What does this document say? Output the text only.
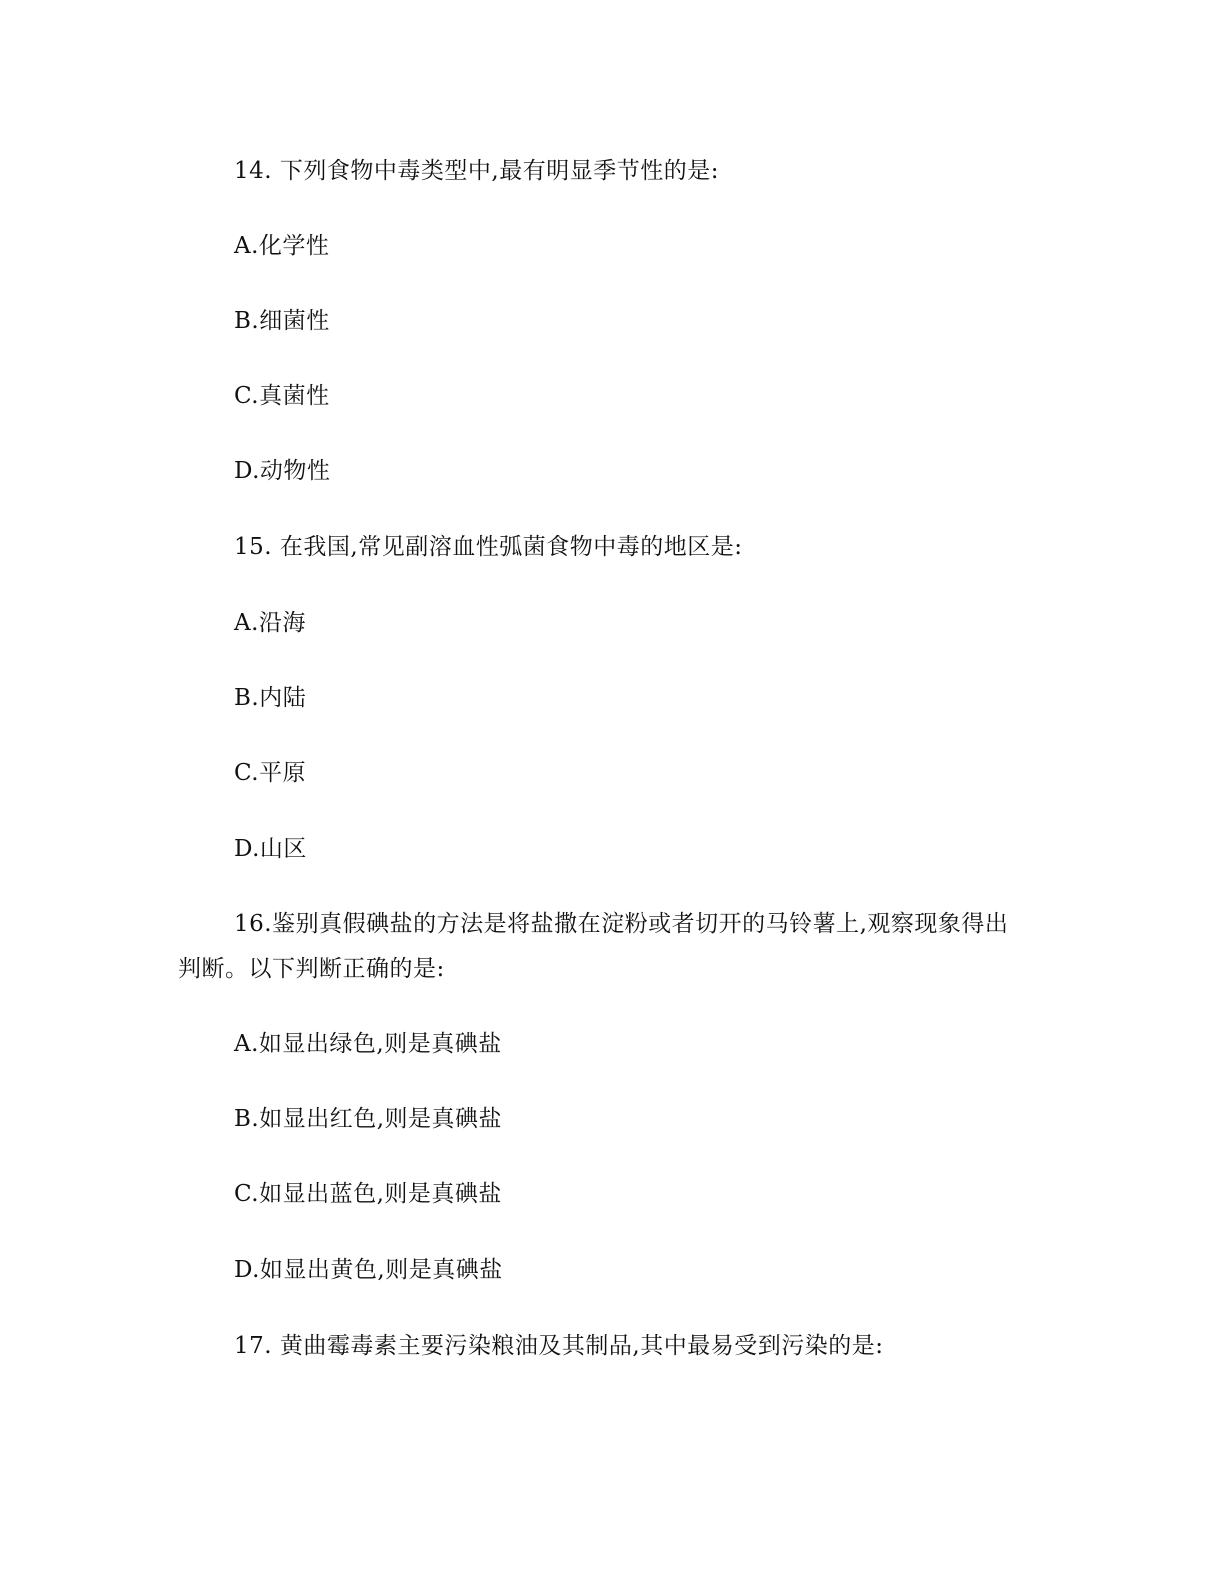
14. 下列食物中毒类型中,最有明显季节性的是:
A.化学性
B.细菌性
C.真菌性
D.动物性
15. 在我国,常见副溶血性弧菌食物中毒的地区是:
A.沿海
B.内陆
C.平原
D.山区
16.鉴别真假碘盐的方法是将盐撒在淀粉或者切开的马铃薯上,观察现象得出
判断。以下判断正确的是:
A.如显出绿色,则是真碘盐
B.如显出红色,则是真碘盐
C.如显出蓝色,则是真碘盐
D.如显出黄色,则是真碘盐
17. 黄曲霉毒素主要污染粮油及其制品,其中最易受到污染的是:
